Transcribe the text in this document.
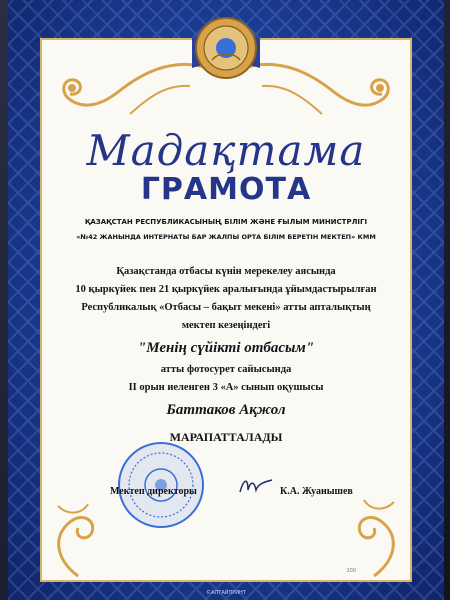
Мадақтама
ГРАМОТА
ҚАЗАҚСТАН РЕСПУБЛИКАСЫНЫҢ БІЛІМ ЖӘНЕ ҒЫЛЫМ МИНИСТРЛІГІ
«№42 ЖАНЫНДА ИНТЕРНАТЫ БАР ЖАЛПЫ ОРТА БІЛІМ БЕРЕТІН МЕКТЕП» КММ
Қазақстанда отбасы күнін мерекелеу аясында
10 қыркүйек пен 21 қыркүйек аралығында ұйымдастырылған
Республикалық «Отбасы – бақыт мекені» атты апталықтың
мектеп кезеңіндегі
"Менің сүйікті отбасым"
атты фотосурет сайысында
II орын иеленген 3 «А» сынып оқушысы
Баттаков Ақжол
МАРАПАТТАЛАДЫ
Мектеп директоры	К.А. Жуанышев
200
©АЛТАЙПРИНТ
